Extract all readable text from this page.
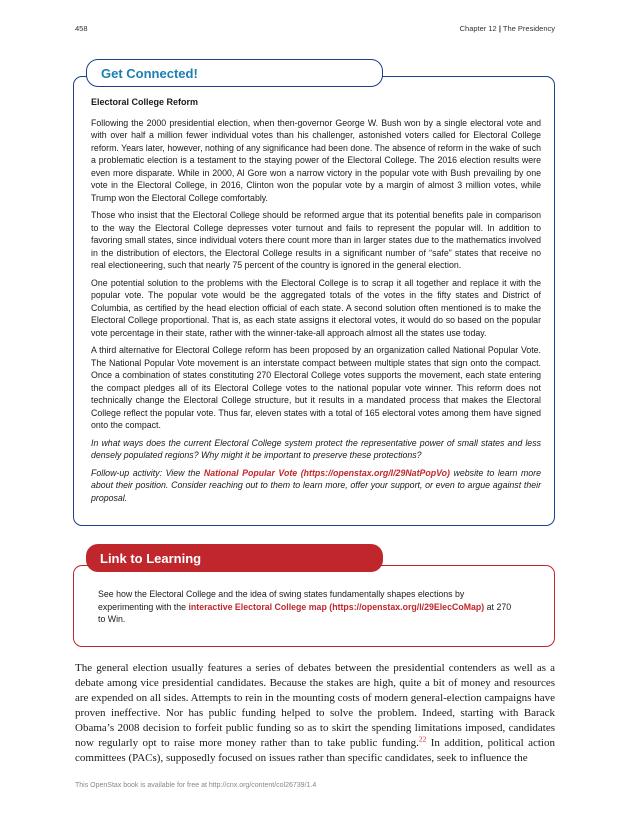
458	Chapter 12 | The Presidency
Get Connected!
Electoral College Reform

Following the 2000 presidential election, when then-governor George W. Bush won by a single electoral vote and with over half a million fewer individual votes than his challenger, astonished voters called for Electoral College reform. Years later, however, nothing of any significance had been done. The absence of reform in the wake of such a problematic election is a testament to the staying power of the Electoral College. The 2016 election results were even more disparate. While in 2000, Al Gore won a narrow victory in the popular vote with Bush prevailing by one vote in the Electoral College, in 2016, Clinton won the popular vote by a margin of almost 3 million votes, while Trump won the Electoral College comfortably.

Those who insist that the Electoral College should be reformed argue that its potential benefits pale in comparison to the way the Electoral College depresses voter turnout and fails to represent the popular will. In addition to favoring small states, since individual voters there count more than in larger states due to the mathematics involved in the distribution of electors, the Electoral College results in a significant number of “safe” states that receive no real electioneering, such that nearly 75 percent of the country is ignored in the general election.

One potential solution to the problems with the Electoral College is to scrap it all together and replace it with the popular vote. The popular vote would be the aggregated totals of the votes in the fifty states and District of Columbia, as certified by the head election official of each state. A second solution often mentioned is to make the Electoral College proportional. That is, as each state assigns it electoral votes, it would do so based on the popular vote percentage in their state, rather with the winner-take-all approach almost all the states use today.

A third alternative for Electoral College reform has been proposed by an organization called National Popular Vote. The National Popular Vote movement is an interstate compact between multiple states that sign onto the compact. Once a combination of states constituting 270 Electoral College votes supports the movement, each state entering the compact pledges all of its Electoral College votes to the national popular vote winner. This reform does not technically change the Electoral College structure, but it results in a mandated process that makes the Electoral College reflect the popular vote. Thus far, eleven states with a total of 165 electoral votes among them have signed onto the compact.

In what ways does the current Electoral College system protect the representative power of small states and less densely populated regions? Why might it be important to preserve these protections?

Follow-up activity: View the National Popular Vote (https://openstax.org/l/29NatPopVo) website to learn more about their position. Consider reaching out to them to learn more, offer your support, or even to argue against their proposal.

Link to Learning
See how the Electoral College and the idea of swing states fundamentally shapes elections by experimenting with the interactive Electoral College map (https://openstax.org/l/29ElecCoMap) at 270 to Win.

The general election usually features a series of debates between the presidential contenders as well as a debate among vice presidential candidates. Because the stakes are high, quite a bit of money and resources are expended on all sides. Attempts to rein in the mounting costs of modern general-election campaigns have proven ineffective. Nor has public funding helped to solve the problem. Indeed, starting with Barack Obama’s 2008 decision to forfeit public funding so as to skirt the spending limitations imposed, candidates now regularly opt to raise more money rather than to take public funding.$^{22}$ In addition, political action committees (PACs), supposedly focused on issues rather than specific candidates, seek to influence the

This OpenStax book is available for free at http://cnx.org/content/col26739/1.4
